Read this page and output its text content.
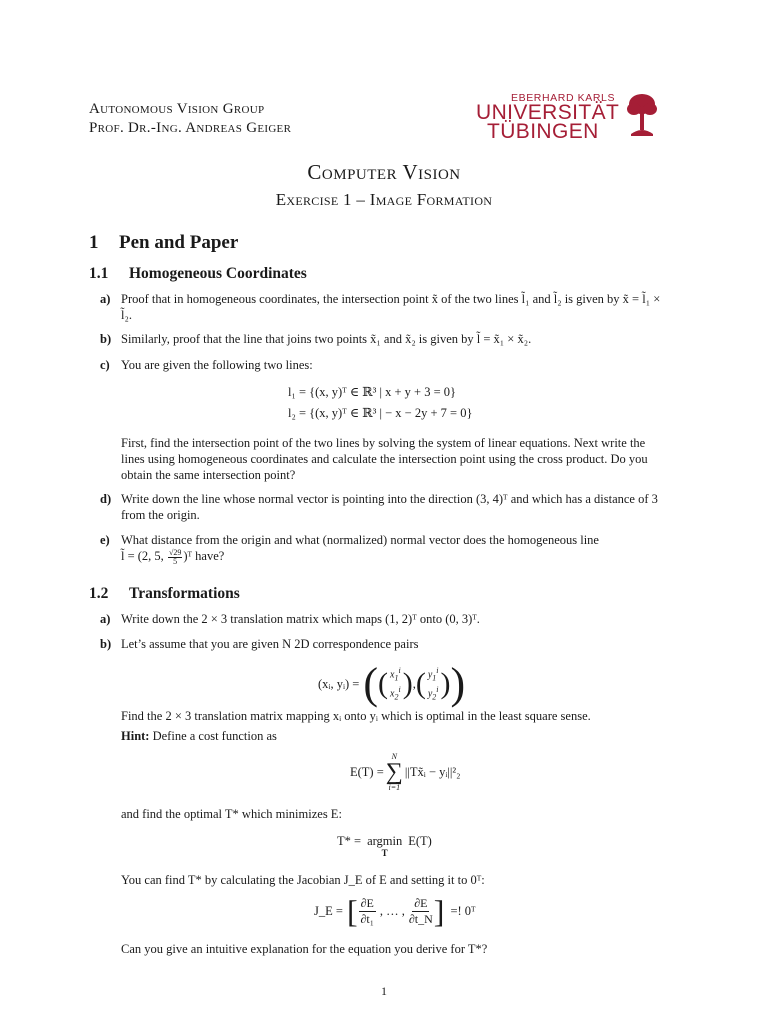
Autonomous Vision Group
Prof. Dr.-Ing. Andreas Geiger
EBERHARD KARLS
UNIVERSITÄT
TÜBINGEN
Computer Vision
Exercise 1 – Image Formation
1 Pen and Paper
1.1 Homogeneous Coordinates
a) Proof that in homogeneous coordinates, the intersection point x̃ of the two lines l̃₁ and l̃₂ is given by x̃ = l̃₁ × l̃₂.
b) Similarly, proof that the line that joins two points x̃₁ and x̃₂ is given by l̃ = x̃₁ × x̃₂.
c) You are given the following two lines:
l₁ = {(x, y)ᵀ ∈ ℝ³ | x + y + 3 = 0}
l₂ = {(x, y)ᵀ ∈ ℝ³ | − x − 2y + 7 = 0}
First, find the intersection point of the two lines by solving the system of linear equations. Next write the lines using homogeneous coordinates and calculate the intersection point using the cross product. Do you obtain the same intersection point?
d) Write down the line whose normal vector is pointing into the direction (3, 4)ᵀ and which has a distance of 3 from the origin.
e) What distance from the origin and what (normalized) normal vector does the homogeneous line
l̃ = (2, 5, $\frac{√29}{5}$ )ᵀ have?
1.2 Transformations
a) Write down the 2 × 3 translation matrix which maps (1, 2)ᵀ onto (0, 3)ᵀ.
b) Let’s assume that you are given N 2D correspondence pairs
(xᵢ, yᵢ) = ( ( $x_1^i$
$x_2^i$ ) , ( $y_1^i$
$y_2^i$ ) )
Find the 2 × 3 translation matrix mapping xᵢ onto yᵢ which is optimal in the least square sense.
Hint: Define a cost function as
E(T) =
N
∑
i=1
||Tx̃ᵢ − yᵢ||²₂
and find the optimal T* which minimizes E:
T* = argmin
T
E(T)
You can find T* by calculating the Jacobian J_E of E and setting it to 0ᵀ:
J_E = [ $\frac{\partial E}{\text{∂t₁}}$ , … , $\frac{\partial E}{\partial t\_N}$ ] =! 0ᵀ
Can you give an intuitive explanation for the equation you derive for T*?
1
